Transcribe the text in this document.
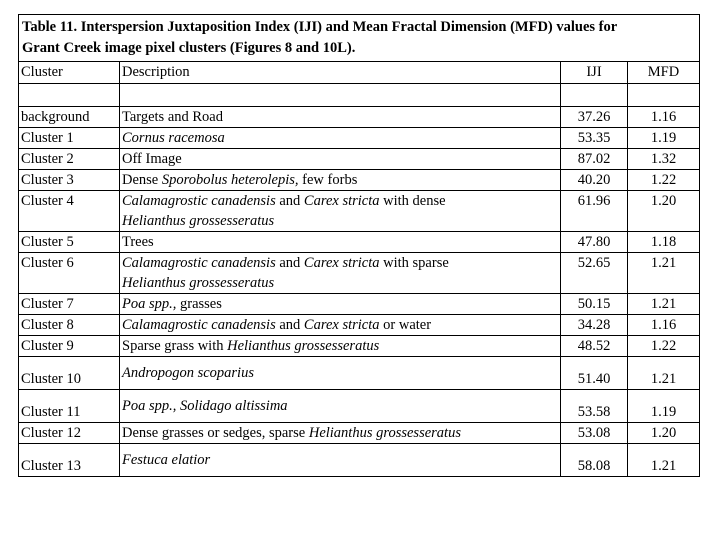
Table 11. Interspersion Juxtaposition Index (IJI) and Mean Fractal Dimension (MFD) values for
Grant Creek image pixel clusters (Figures 8 and 10L).			

Cluster	Description	IJI	MFD

background	Targets and Road	37.26	1.16
Cluster 1	Cornus racemosa	53.35	1.19
Cluster 2	Off Image	87.02	1.32
Cluster 3	Dense Sporobolus heterolepis, few forbs	40.20	1.22
Cluster 4	Calamagrostic canadensis and Carex stricta with dense
Helianthus grossesseratus	61.96	1.20
Cluster 5	Trees	47.80	1.18
Cluster 6	Calamagrostic canadensis and Carex stricta with sparse
Helianthus grossesseratus	52.65	1.21
Cluster 7	Poa spp., grasses	50.15	1.21
Cluster 8	Calamagrostic canadensis and Carex stricta or water	34.28	1.16
Cluster 9	Sparse grass with Helianthus grossesseratus	48.52	1.22
Cluster 10	Andropogon scoparius	51.40	1.21
Cluster 11	Poa spp., Solidago altissima	53.58	1.19
Cluster 12	Dense grasses or sedges, sparse Helianthus grossesseratus	53.08	1.20
Cluster 13	Festuca elatior	58.08	1.21
